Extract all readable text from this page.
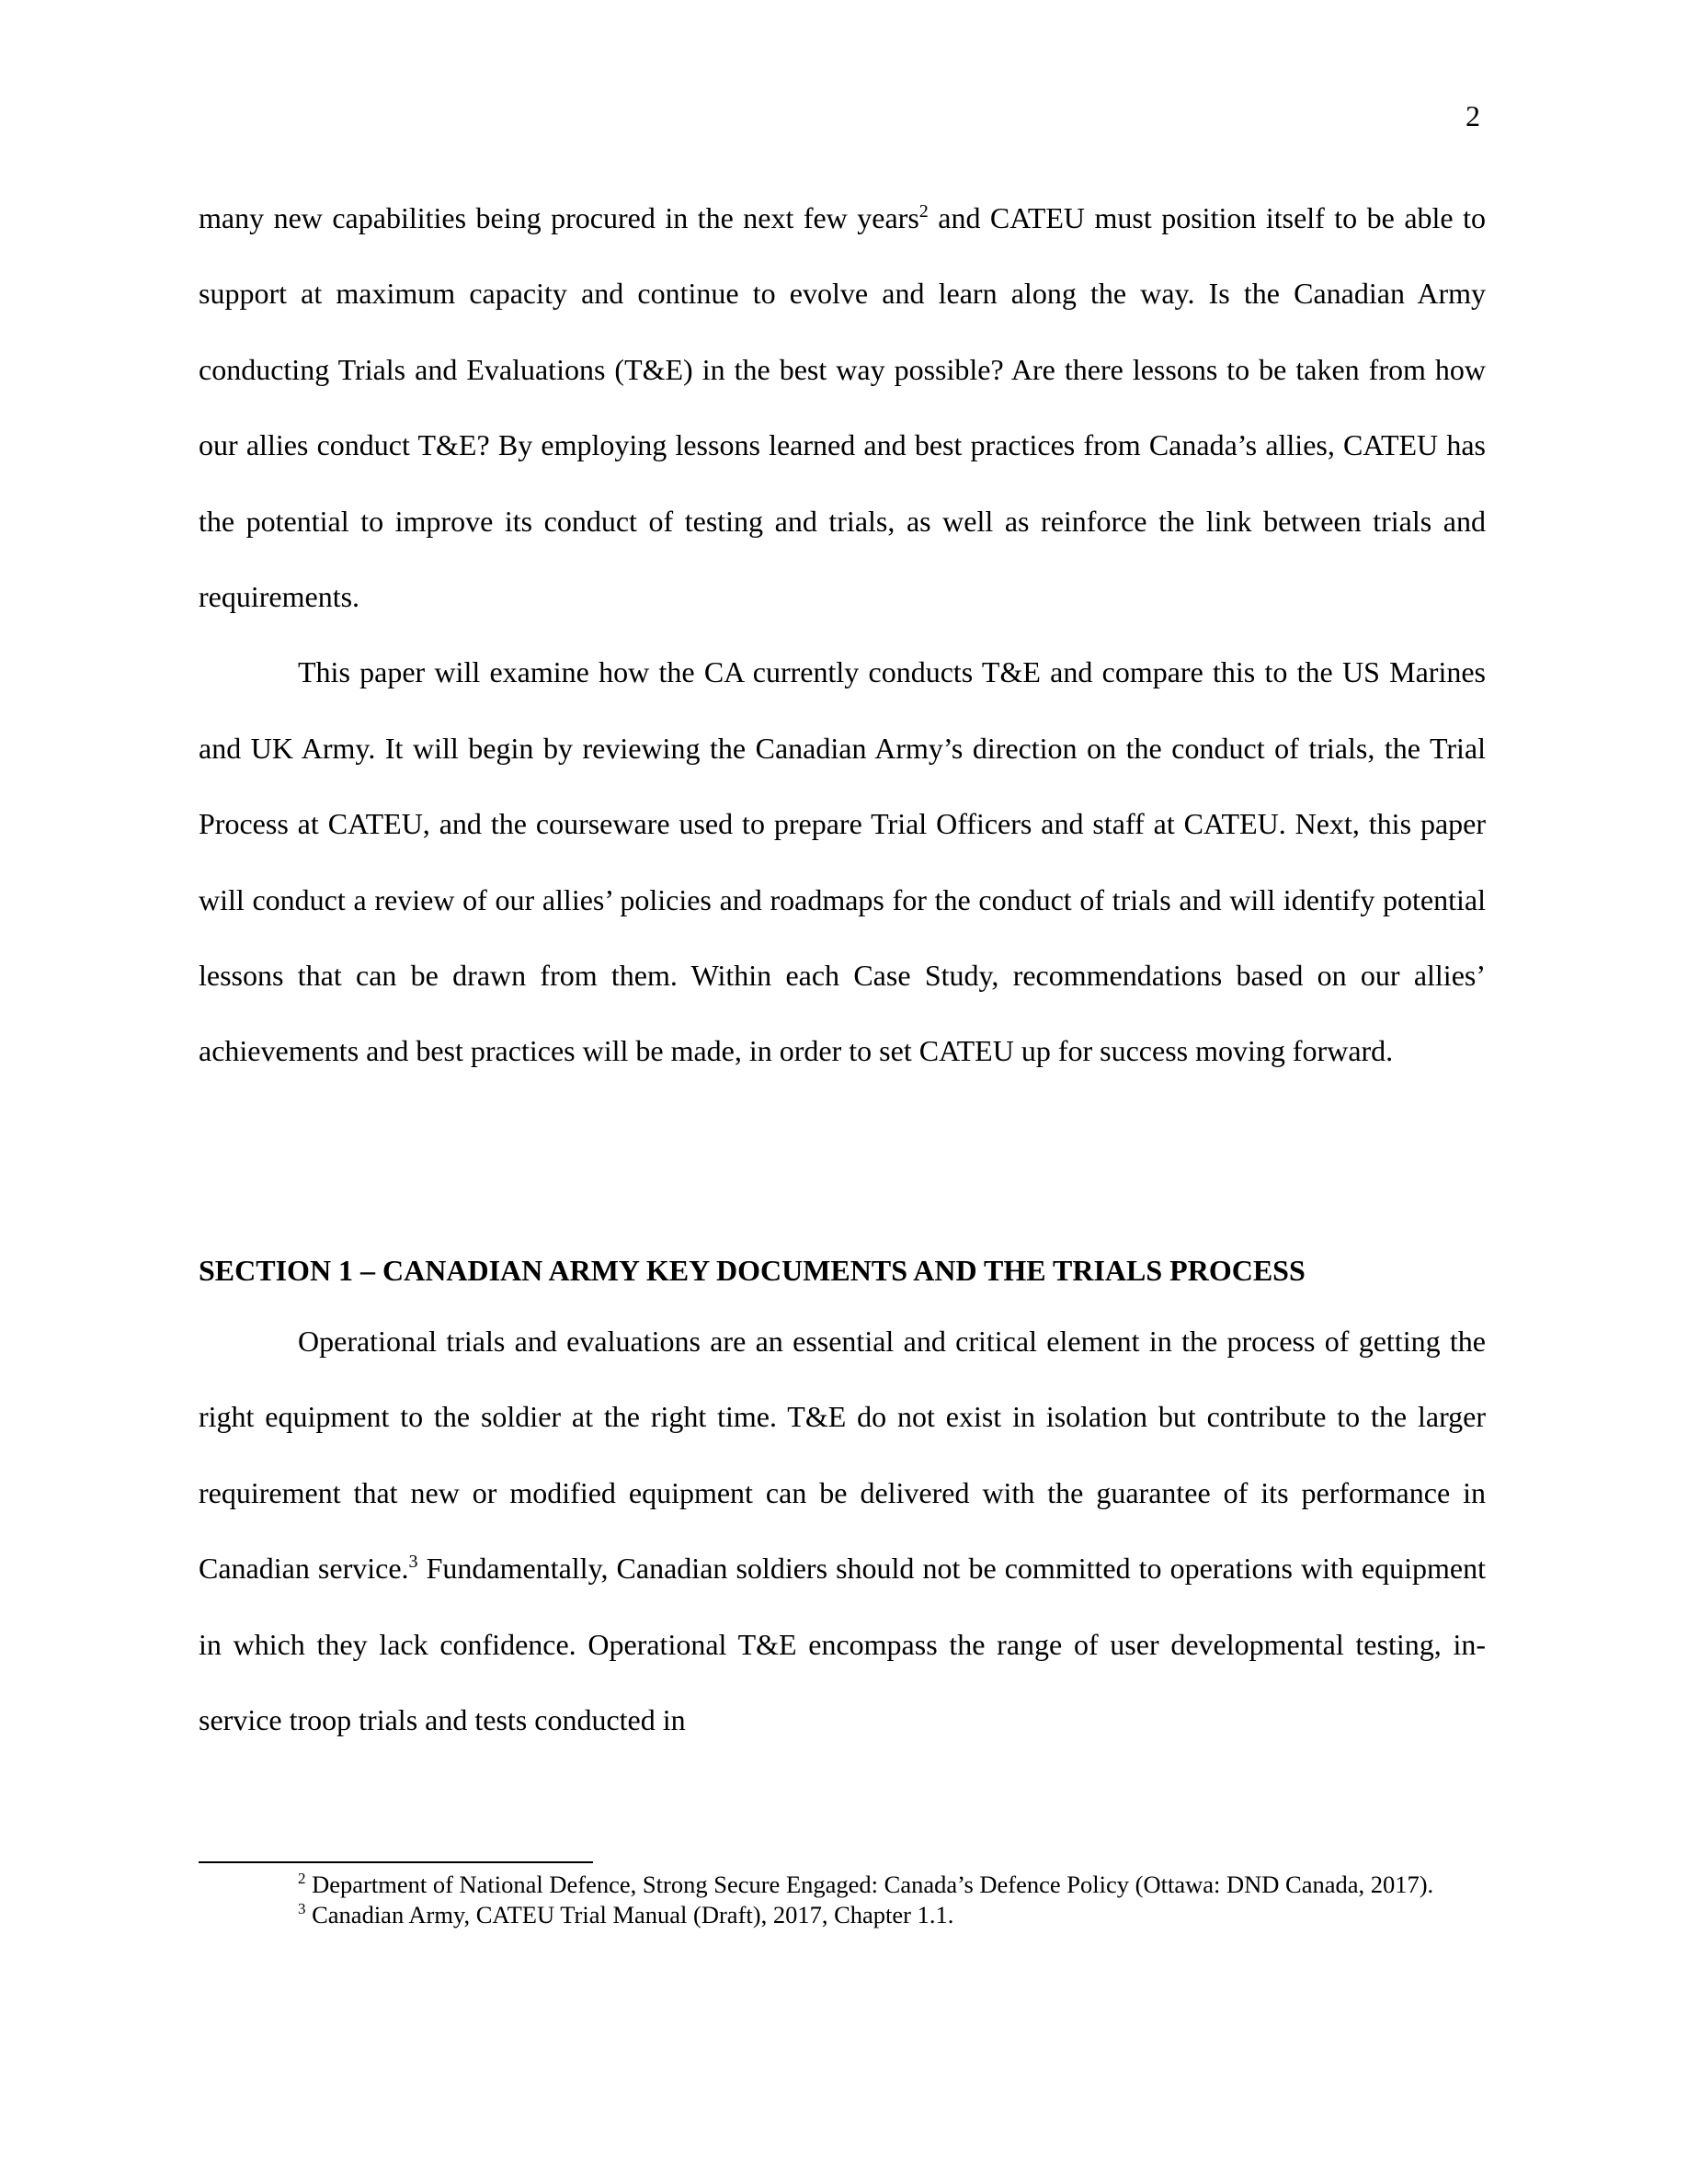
2

many new capabilities being procured in the next few years$^2$ and CATEU must position itself to be able to support at maximum capacity and continue to evolve and learn along the way. Is the Canadian Army conducting Trials and Evaluations (T&E) in the best way possible? Are there lessons to be taken from how our allies conduct T&E? By employing lessons learned and best practices from Canada’s allies, CATEU has the potential to improve its conduct of testing and trials, as well as reinforce the link between trials and requirements.

This paper will examine how the CA currently conducts T&E and compare this to the US Marines and UK Army. It will begin by reviewing the Canadian Army’s direction on the conduct of trials, the Trial Process at CATEU, and the courseware used to prepare Trial Officers and staff at CATEU. Next, this paper will conduct a review of our allies’ policies and roadmaps for the conduct of trials and will identify potential lessons that can be drawn from them. Within each Case Study, recommendations based on our allies’ achievements and best practices will be made, in order to set CATEU up for success moving forward.

SECTION 1 – CANADIAN ARMY KEY DOCUMENTS AND THE TRIALS PROCESS

Operational trials and evaluations are an essential and critical element in the process of getting the right equipment to the soldier at the right time. T&E do not exist in isolation but contribute to the larger requirement that new or modified equipment can be delivered with the guarantee of its performance in Canadian service.$^3$ Fundamentally, Canadian soldiers should not be committed to operations with equipment in which they lack confidence. Operational T&E encompass the range of user developmental testing, in-service troop trials and tests conducted in

$^2$ Department of National Defence, Strong Secure Engaged: Canada’s Defence Policy (Ottawa: DND Canada, 2017).

$^3$ Canadian Army, CATEU Trial Manual (Draft), 2017, Chapter 1.1.
